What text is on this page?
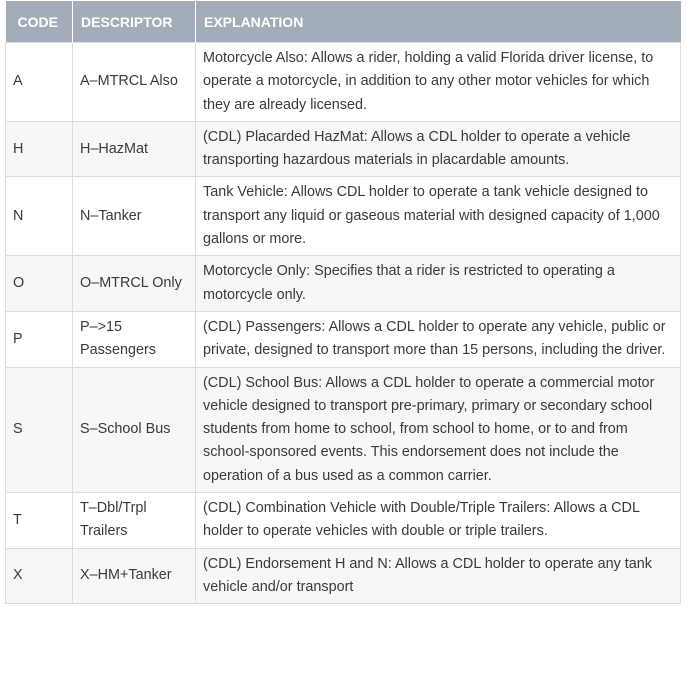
CODE	DESCRIPTOR	EXPLANATION
A	A–MTRCL Also	Motorcycle Also: Allows a rider, holding a valid Florida driver license, to operate a motorcycle, in addition to any other motor vehicles for which they are already licensed.
H	H–HazMat	(CDL) Placarded HazMat: Allows a CDL holder to operate a vehicle transporting hazardous materials in placardable amounts.
N	N–Tanker	Tank Vehicle: Allows CDL holder to operate a tank vehicle designed to transport any liquid or gaseous material with designed capacity of 1,000 gallons or more.
O	O–MTRCL Only	Motorcycle Only: Specifies that a rider is restricted to operating a motorcycle only.
P	P–>15 Passengers	(CDL) Passengers: Allows a CDL holder to operate any vehicle, public or private, designed to transport more than 15 persons, including the driver.
S	S–School Bus	(CDL) School Bus: Allows a CDL holder to operate a commercial motor vehicle designed to transport pre-primary, primary or secondary school students from home to school, from school to home, or to and from school-sponsored events. This endorsement does not include the operation of a bus used as a common carrier.
T	T–Dbl/Trpl Trailers	(CDL) Combination Vehicle with Double/Triple Trailers: Allows a CDL holder to operate vehicles with double or triple trailers.
X	X–HM+Tanker	(CDL) Endorsement H and N: Allows a CDL holder to operate any tank vehicle and/or transport
